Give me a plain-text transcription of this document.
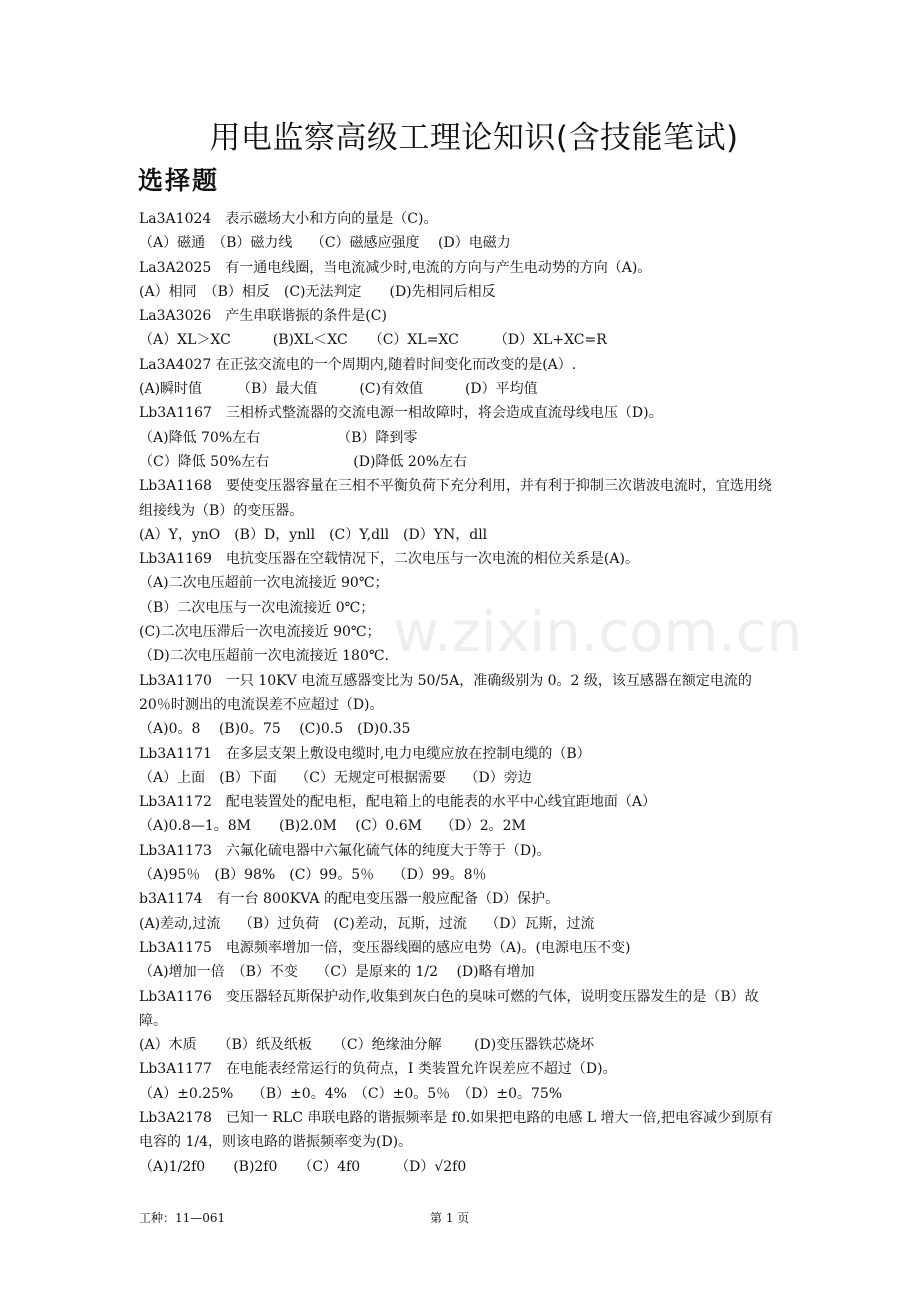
用电监察高级工理论知识(含技能笔试)
选择题
La3A1024　表示磁场大小和方向的量是（C)。
（A）磁通　（B）磁力线　 （C）磁感应强度　 (D）电磁力
La3A2025　有一通电线圈，当电流减少时,电流的方向与产生电动势的方向（A)。
(A）相同　（B）相反　(C)无法判定　　(D)先相同后相反
La3A3026　产生串联谐振的条件是(C)
（A）XL＞XC　　　(B)XL＜XC　　（C）XL=XC　　　（D）XL+XC=R
La3A4027 在正弦交流电的一个周期内,随着时间变化而改变的是(A）.
(A)瞬时值　　　（B）最大值　　　(C)有效值　　　(D）平均值
Lb3A1167　三相桥式整流器的交流电源一相故障时，将会造成直流母线电压（D)。
（A)降低 70%左右　　　　　　（B）降到零
（C）降低 50%左右　　　　　　(D)降低 20%左右
Lb3A1168　要使变压器容量在三相不平衡负荷下充分利用，并有利于抑制三次谐波电流时，宜选用绕组接线为（B）的变压器。
(A）Y，ynO　(B）D，ynll　(C）Y,dll　(D）YN，dll
Lb3A1169　电抗变压器在空载情况下，二次电压与一次电流的相位关系是(A)。
（A)二次电压超前一次电流接近 90℃；
（B）二次电压与一次电流接近 0℃；
(C)二次电压滞后一次电流接近 90℃；
（D)二次电压超前一次电流接近 180℃.
Lb3A1170　一只 10KV 电流互感器变比为 50/5A，准确级别为 0。2 级，该互感器在额定电流的 20％时测出的电流误差不应超过（D)。
（A)0。8　 (B)0。75　 (C)0.5　(D)0.35
Lb3A1171　在多层支架上敷设电缆时,电力电缆应放在控制电缆的（B）
（A）上面　(B）下面　 （C）无规定可根据需要　 （D）旁边
Lb3A1172　配电装置处的配电柜，配电箱上的电能表的水平中心线宜距地面（A）
（A)0.8—1。8M　　(B)2.0M　 (C）0.6M　 （D）2。2M
Lb3A1173　六氟化硫电器中六氟化硫气体的纯度大于等于（D)。
（A)95％　(B）98%　(C）99。5％　 （D）99。8％
b3A1174　有一台 800KVA 的配电变压器一般应配备（D）保护。
(A)差动,过流　 （B）过负荷　(C)差动，瓦斯，过流　 （D）瓦斯，过流
Lb3A1175　电源频率增加一倍，变压器线圈的感应电势（A)。(电源电压不变)
（A)增加一倍　（B）不变　 （C）是原来的 1/2　 (D)略有增加
Lb3A1176　变压器轻瓦斯保护动作,收集到灰白色的臭味可燃的气体，说明变压器发生的是（B）故障。
(A）木质　　（B）纸及纸板　　（C）绝缘油分解　　 (D)变压器铁芯烧坏
Lb3A1177　在电能表经常运行的负荷点，I 类装置允许误差应不超过（D)。
（A）±0.25%　 （B）±0。4%　（C）±0。5％　（D）±0。75%
Lb3A2178　已知一 RLC 串联电路的谐振频率是 f0.如果把电路的电感 L 增大一倍,把电容减少到原有电容的 1/4，则该电路的谐振频率变为(D)。
（A)1/2f0　　(B)2f0　　（C）4f0　　　（D）√2f0
w.zixin.com.cn
工种：11—061	第 1 页
